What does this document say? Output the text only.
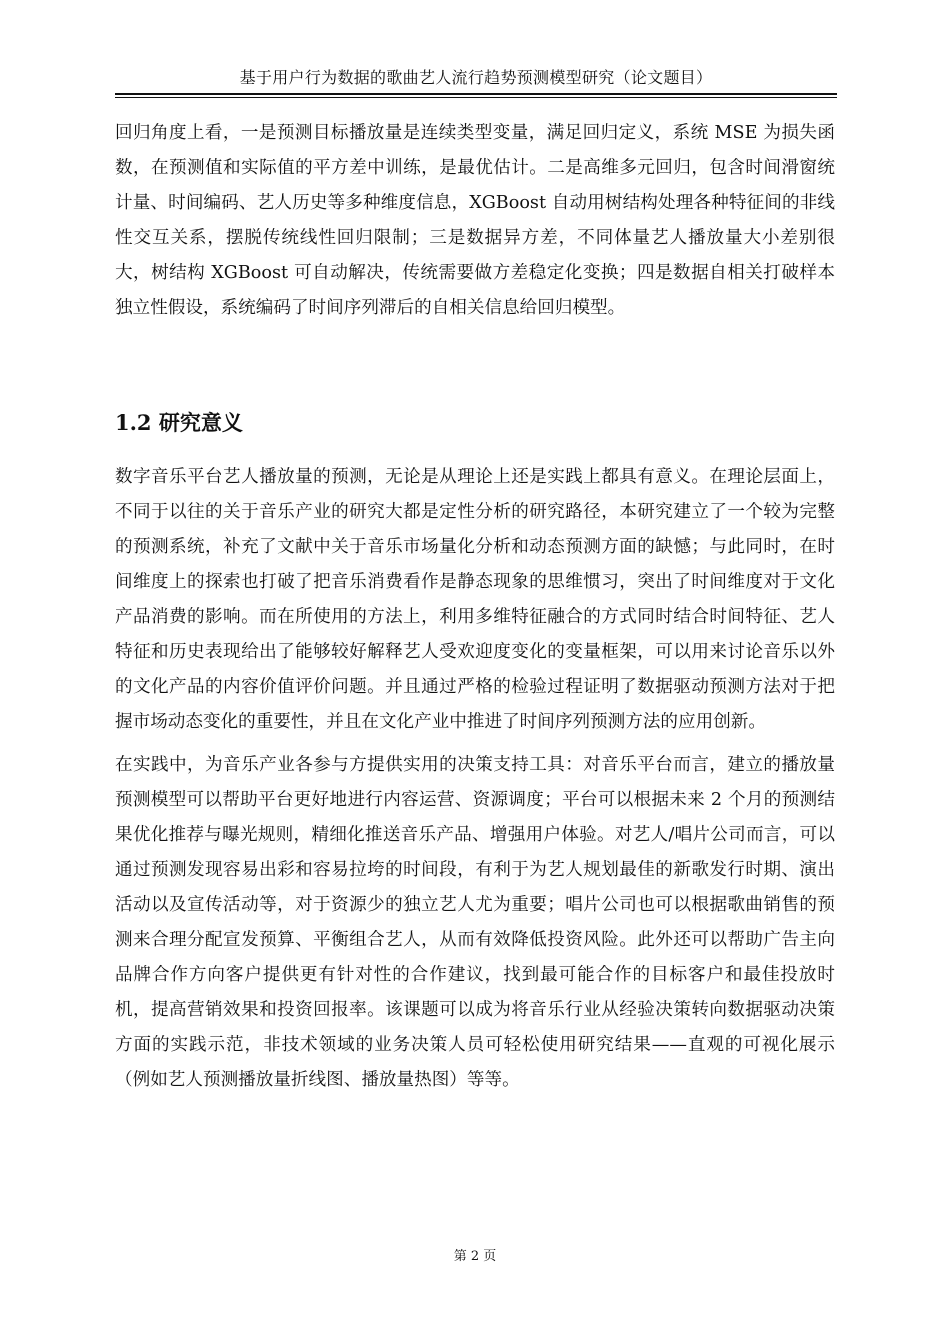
基于用户行为数据的歌曲艺人流行趋势预测模型研究（论文题目）

回归角度上看，一是预测目标播放量是连续类型变量，满足回归定义，系统 MSE 为损失函数，在预测值和实际值的平方差中训练，是最优估计。二是高维多元回归，包含时间滑窗统计量、时间编码、艺人历史等多种维度信息，XGBoost 自动用树结构处理各种特征间的非线性交互关系，摆脱传统线性回归限制；三是数据异方差，不同体量艺人播放量大小差别很大，树结构 XGBoost 可自动解决，传统需要做方差稳定化变换；四是数据自相关打破样本独立性假设，系统编码了时间序列滞后的自相关信息给回归模型。

1.2 研究意义

数字音乐平台艺人播放量的预测，无论是从理论上还是实践上都具有意义。在理论层面上，不同于以往的关于音乐产业的研究大都是定性分析的研究路径，本研究建立了一个较为完整的预测系统，补充了文献中关于音乐市场量化分析和动态预测方面的缺憾；与此同时，在时间维度上的探索也打破了把音乐消费看作是静态现象的思维惯习，突出了时间维度对于文化产品消费的影响。而在所使用的方法上，利用多维特征融合的方式同时结合时间特征、艺人特征和历史表现给出了能够较好解释艺人受欢迎度变化的变量框架，可以用来讨论音乐以外的文化产品的内容价值评价问题。并且通过严格的检验过程证明了数据驱动预测方法对于把握市场动态变化的重要性，并且在文化产业中推进了时间序列预测方法的应用创新。

在实践中，为音乐产业各参与方提供实用的决策支持工具：对音乐平台而言，建立的播放量预测模型可以帮助平台更好地进行内容运营、资源调度；平台可以根据未来 2 个月的预测结果优化推荐与曝光规则，精细化推送音乐产品、增强用户体验。对艺人/唱片公司而言，可以通过预测发现容易出彩和容易拉垮的时间段，有利于为艺人规划最佳的新歌发行时期、演出活动以及宣传活动等，对于资源少的独立艺人尤为重要；唱片公司也可以根据歌曲销售的预测来合理分配宣发预算、平衡组合艺人，从而有效降低投资风险。此外还可以帮助广告主向品牌合作方向客户提供更有针对性的合作建议，找到最可能合作的目标客户和最佳投放时机，提高营销效果和投资回报率。该课题可以成为将音乐行业从经验决策转向数据驱动决策方面的实践示范，非技术领域的业务决策人员可轻松使用研究结果——直观的可视化展示（例如艺人预测播放量折线图、播放量热图）等等。

第 2 页
